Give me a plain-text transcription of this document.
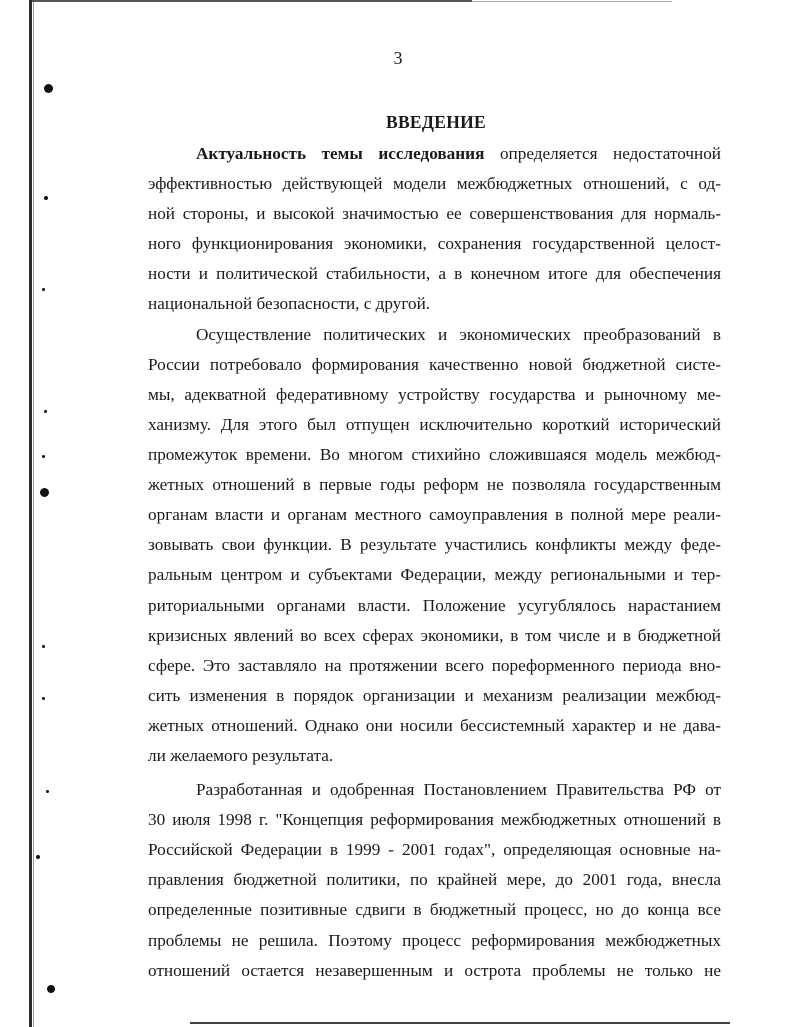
3
ВВЕДЕНИЕ
Актуальность темы исследования определяется недостаточной
эффективностью действующей модели межбюджетных отношений, с од-
ной стороны, и высокой значимостью ее совершенствования для нормаль-
ного функционирования экономики, сохранения государственной целост-
ности и политической стабильности, а в конечном итоге для обеспечения
национальной безопасности, с другой.
Осуществление политических и экономических преобразований в
России потребовало формирования качественно новой бюджетной систе-
мы, адекватной федеративному устройству государства и рыночному ме-
ханизму. Для этого был отпущен исключительно короткий исторический
промежуток времени. Во многом стихийно сложившаяся модель межбюд-
жетных отношений в первые годы реформ не позволяла государственным
органам власти и органам местного самоуправления в полной мере реали-
зовывать свои функции. В результате участились конфликты между феде-
ральным центром и субъектами Федерации, между региональными и тер-
риториальными органами власти. Положение усугублялось нарастанием
кризисных явлений во всех сферах экономики, в том числе и в бюджетной
сфере. Это заставляло на протяжении всего пореформенного периода вно-
сить изменения в порядок организации и механизм реализации межбюд-
жетных отношений. Однако они носили бессистемный характер и не дава-
ли желаемого результата.
Разработанная и одобренная Постановлением Правительства РФ от
30 июля 1998 г. "Концепция реформирования межбюджетных отношений в
Российской Федерации в 1999 - 2001 годах", определяющая основные на-
правления бюджетной политики, по крайней мере, до 2001 года, внесла
определенные позитивные сдвиги в бюджетный процесс, но до конца все
проблемы не решила. Поэтому процесс реформирования межбюджетных
отношений остается незавершенным и острота проблемы не только не
